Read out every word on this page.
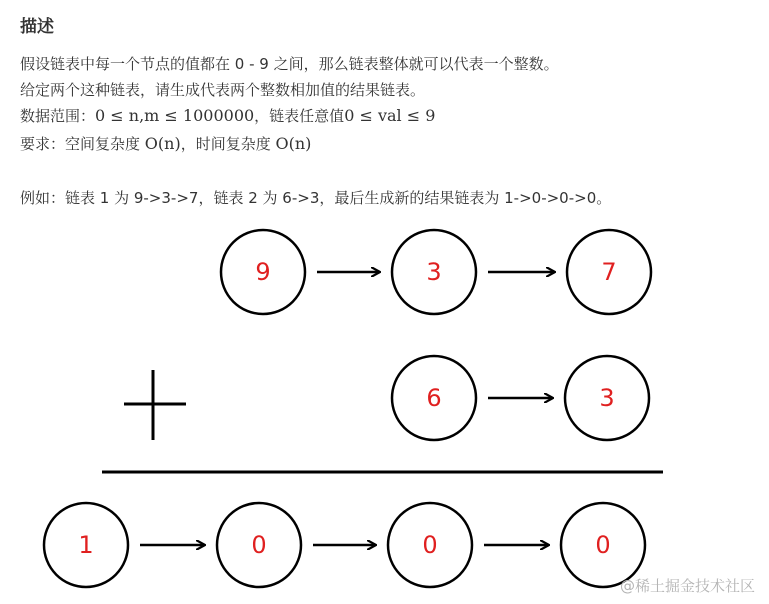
描述
假设链表中每一个节点的值都在 0 - 9 之间，那么链表整体就可以代表一个整数。
给定两个这种链表，请生成代表两个整数相加值的结果链表。
数据范围：0 ≤ n,m ≤ 1000000，链表任意值0 ≤ val ≤ 9
要求：空间复杂度 O(n)，时间复杂度 O(n)
例如：链表 1 为 9->3->7，链表 2 为 6->3，最后生成新的结果链表为 1->0->0->0。
9	3	7
6	3
1	0	0	0
@稀土掘金技术社区
